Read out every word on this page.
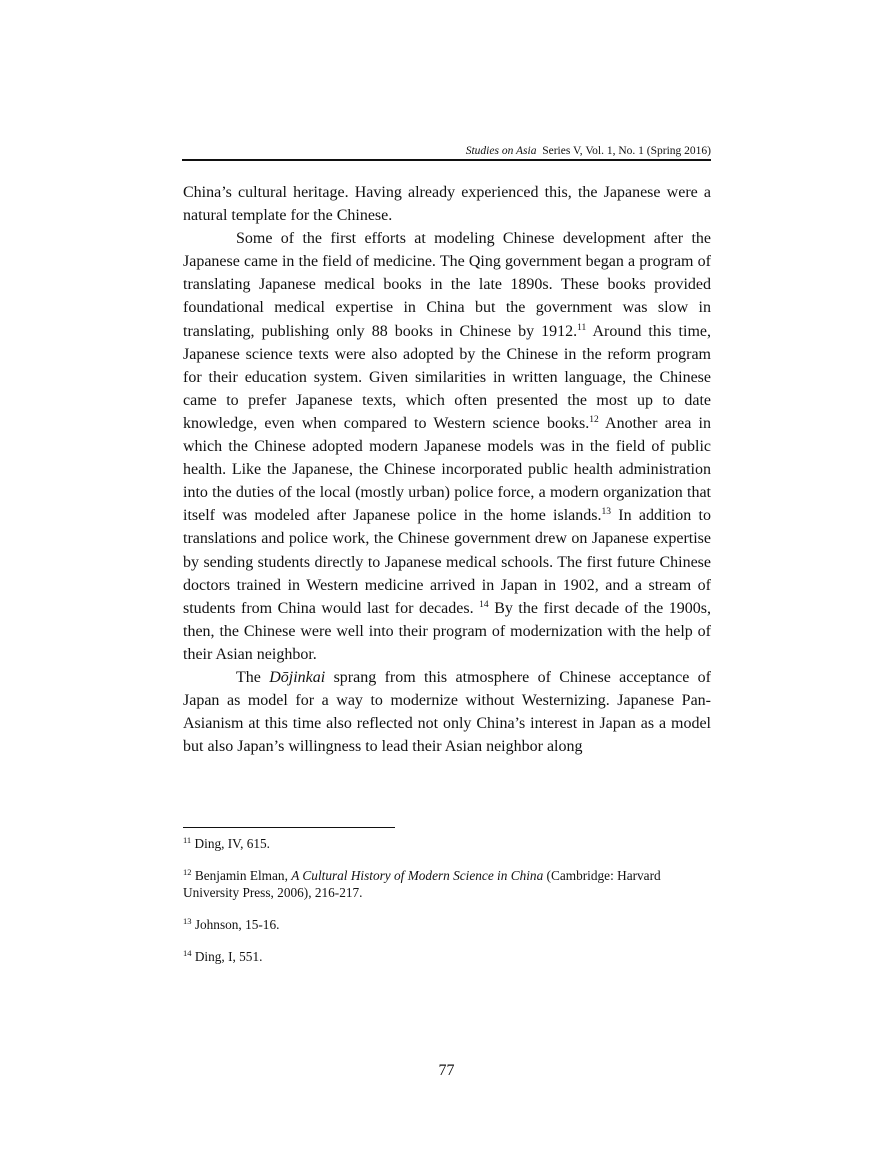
Studies on Asia Series V, Vol. 1, No. 1 (Spring 2016)

China’s cultural heritage. Having already experienced this, the Japanese were a natural template for the Chinese.

Some of the first efforts at modeling Chinese development after the Japanese came in the field of medicine. The Qing government began a program of translating Japanese medical books in the late 1890s. These books provided foundational medical expertise in China but the government was slow in translating, publishing only 88 books in Chinese by 1912.11 Around this time, Japanese science texts were also adopted by the Chinese in the reform program for their education system. Given similarities in written language, the Chinese came to prefer Japanese texts, which often presented the most up to date knowledge, even when compared to Western science books.$^{12}$ Another area in which the Chinese adopted modern Japanese models was in the field of public health. Like the Japanese, the Chinese incorporated public health administration into the duties of the local (mostly urban) police force, a modern organization that itself was modeled after Japanese police in the home islands.$^{13}$ In addition to translations and police work, the Chinese government drew on Japanese expertise by sending students directly to Japanese medical schools. The first future Chinese doctors trained in Western medicine arrived in Japan in 1902, and a stream of students from China would last for decades. $^{14}$ By the first decade of the 1900s, then, the Chinese were well into their program of modernization with the help of their Asian neighbor.

The Dōjinkai sprang from this atmosphere of Chinese acceptance of Japan as model for a way to modernize without Westernizing. Japanese Pan-Asianism at this time also reflected not only China’s interest in Japan as a model but also Japan’s willingness to lead their Asian neighbor along

$^{11}$ Ding, IV, 615.

$^{12}$ Benjamin Elman, A Cultural History of Modern Science in China (Cambridge: Harvard University Press, 2006), 216-217.

$^{13}$ Johnson, 15-16.

$^{14}$ Ding, I, 551.

77
